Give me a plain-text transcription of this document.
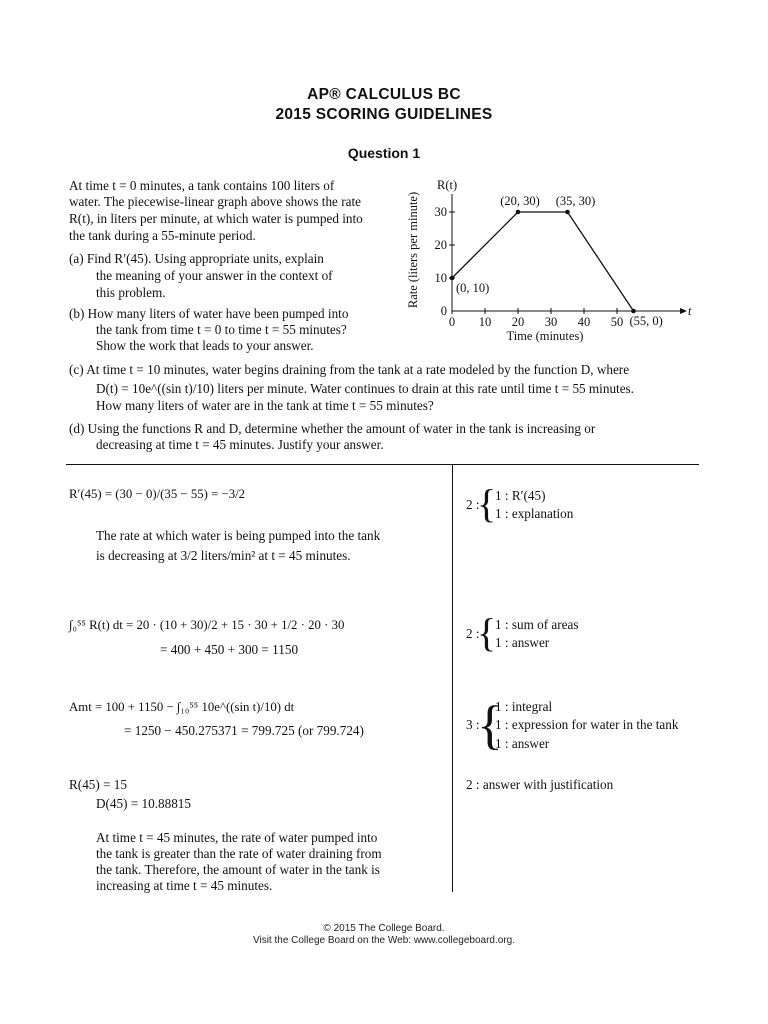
AP® CALCULUS BC
2015 SCORING GUIDELINES
Question 1
At time t = 0 minutes, a tank contains 100 liters of
water. The piecewise-linear graph above shows the rate
R(t), in liters per minute, at which water is pumped into
the tank during a 55-minute period.
(a) Find R′(45). Using appropriate units, explain
the meaning of your answer in the context of
this problem.
(b) How many liters of water have been pumped into
the tank from time t = 0 to time t = 55 minutes?
Show the work that leads to your answer.
R(t)
t
Time (minutes)
Rate (liters per minute)
0 10 20 30 40 50
0
10
20
30
(0, 10)
(20, 30) (35, 30)
(55, 0)
(c) At time t = 10 minutes, water begins draining from the tank at a rate modeled by the function D, where
D(t) = 10e^((sin t)/10) liters per minute. Water continues to drain at this rate until time t = 55 minutes.
How many liters of water are in the tank at time t = 55 minutes?
(d) Using the functions R and D, determine whether the amount of water in the tank is increasing or
decreasing at time t = 45 minutes. Justify your answer.
R′(45) = (30 − 0)/(35 − 55) = −3/2
The rate at which water is being pumped into the tank
is decreasing at 3/2 liters/min² at t = 45 minutes.
∫₀⁵⁵ R(t) dt = 20 · (10 + 30)/2 + 15 · 30 + 1/2 · 20 · 30
= 400 + 450 + 300 = 1150
Amt = 100 + 1150 − ∫₁₀⁵⁵ 10e^((sin t)/10) dt
= 1250 − 450.275371 = 799.725 (or 799.724)
R(45) = 15
D(45) = 10.88815
At time t = 45 minutes, the rate of water pumped into
the tank is greater than the rate of water draining from
the tank. Therefore, the amount of water in the tank is
increasing at time t = 45 minutes.
2 :
{
1 : R′(45)
1 : explanation
2 :
{
1 : sum of areas
1 : answer
3 :
{
1 : integral
1 : expression for water in the tank
1 : answer
2 : answer with justification
© 2015 The College Board.
Visit the College Board on the Web: www.collegeboard.org.
